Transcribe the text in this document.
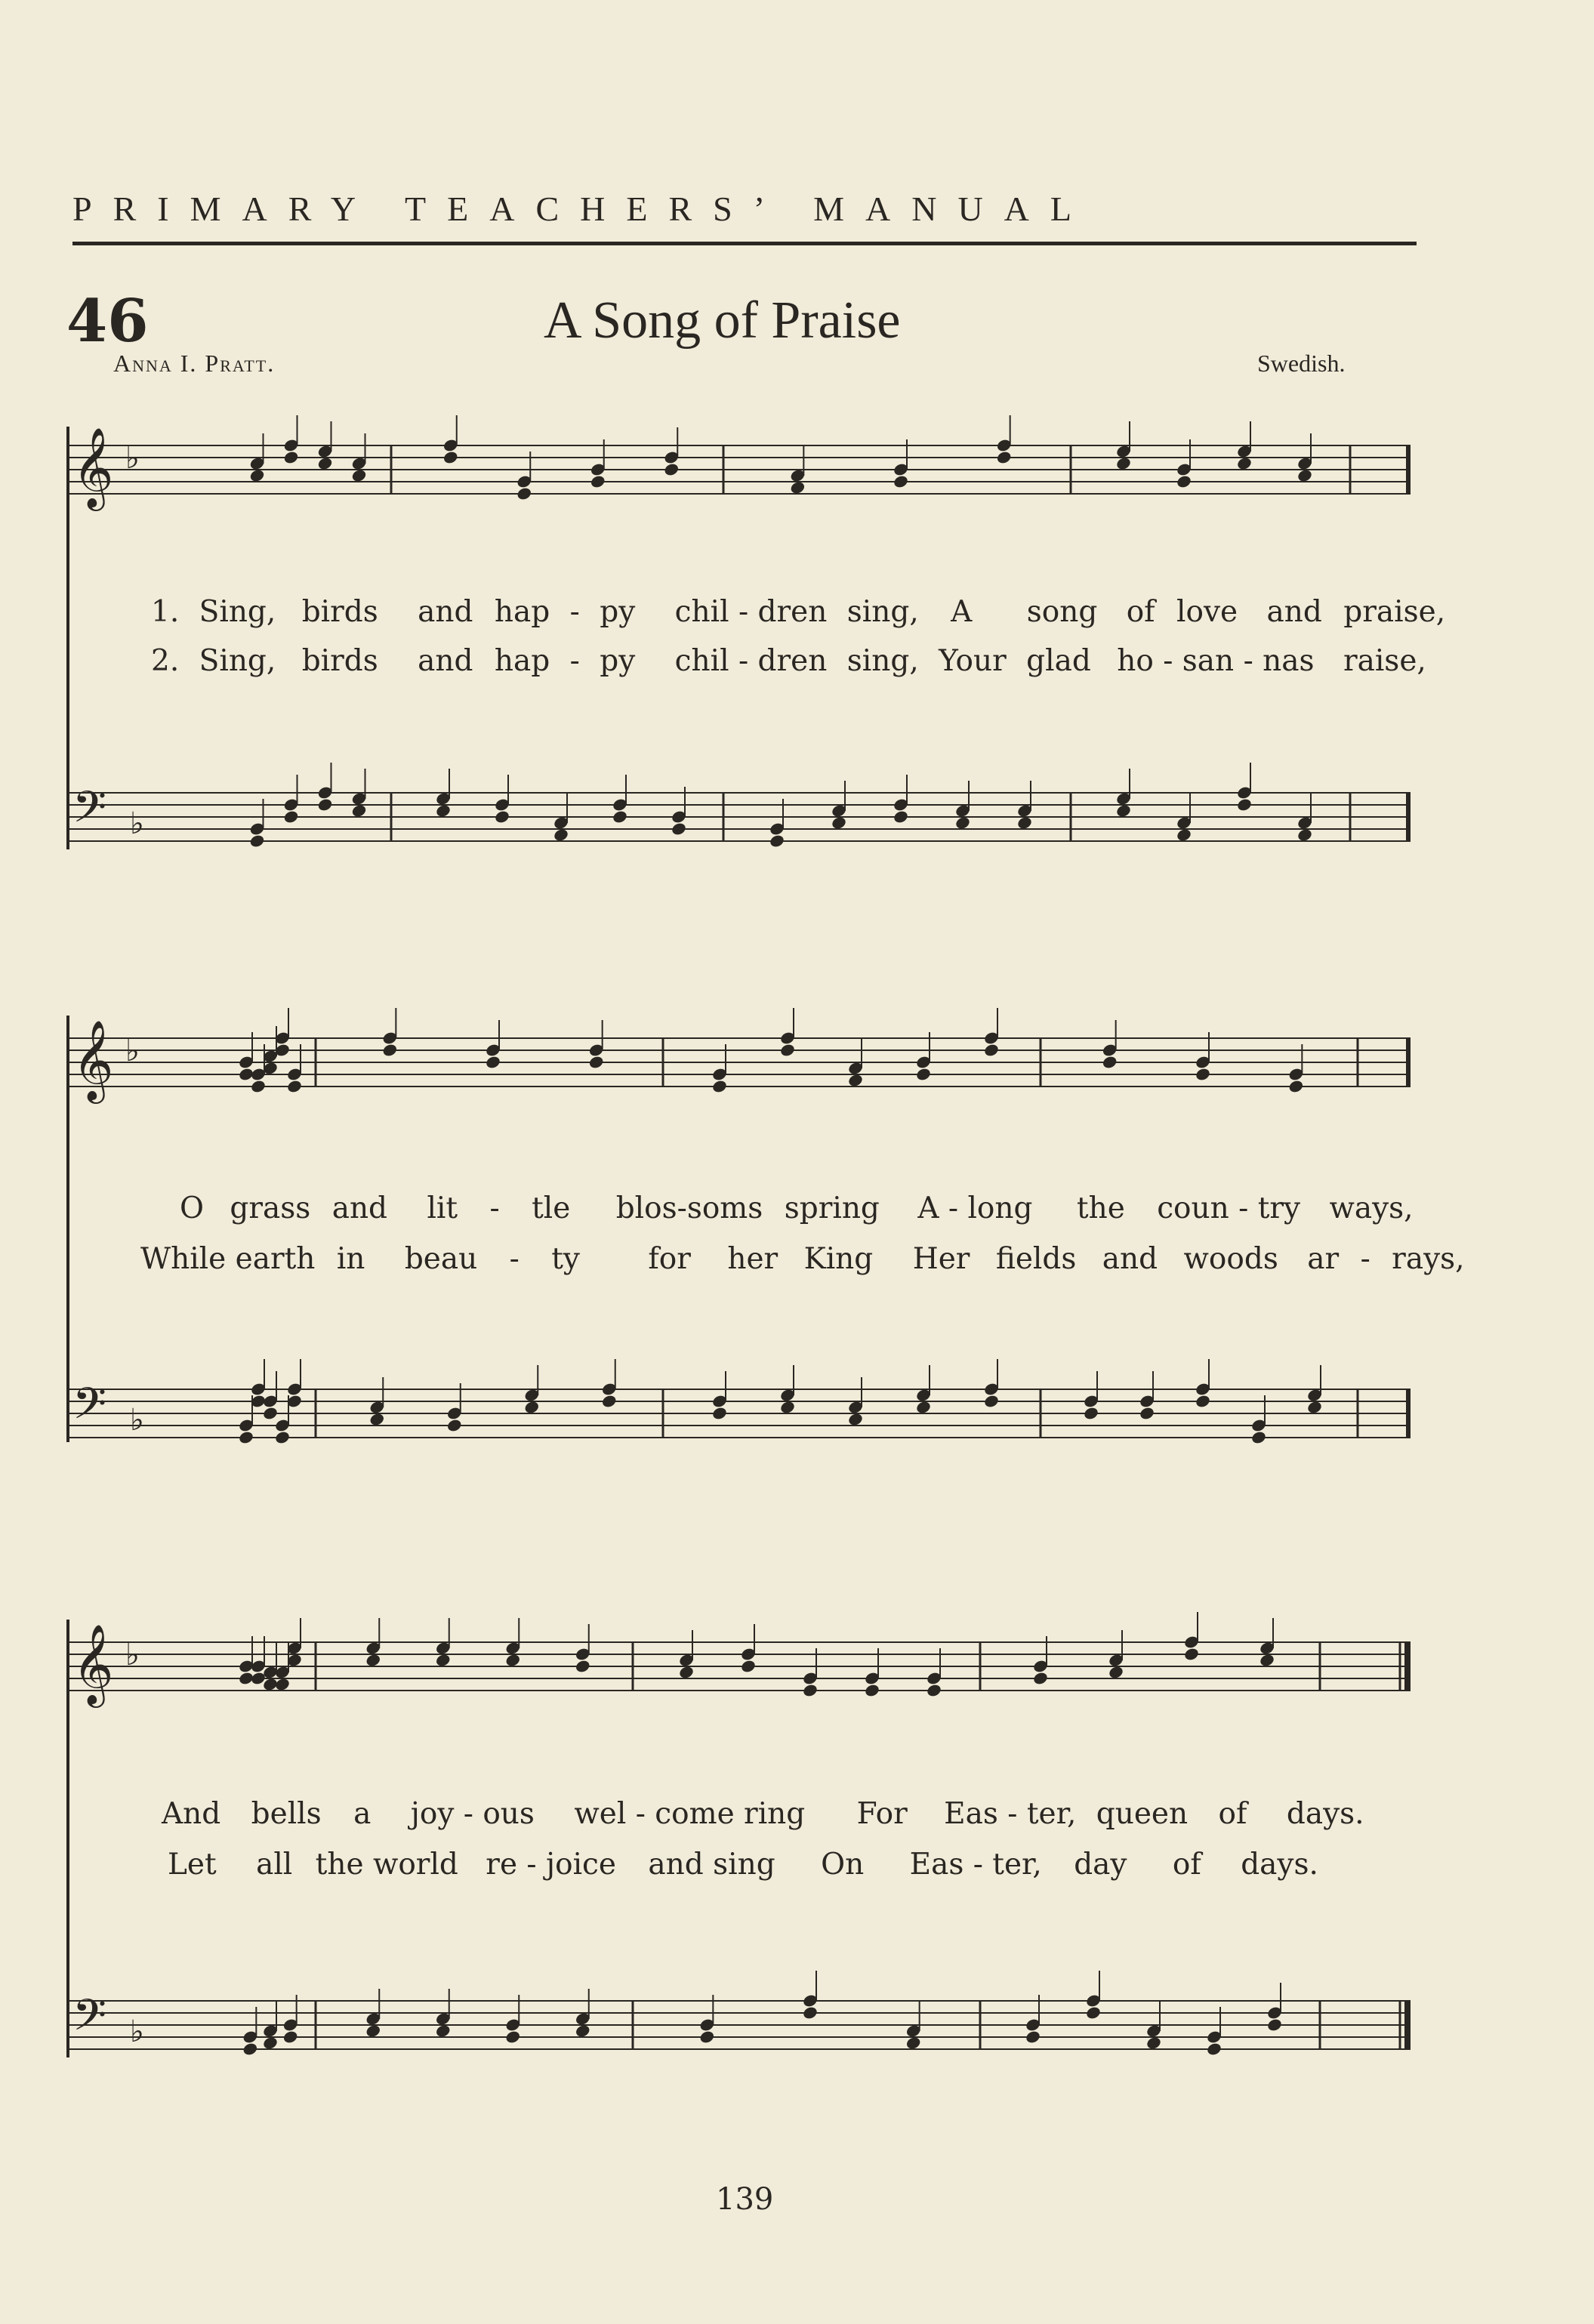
PRIMARY TEACHERS’ MANUAL
46	A Song of Praise
Anna I. Pratt.	Swedish.
𝄞 ♭
𝄢 ♭
1. Sing, birds and hap - py chil - dren sing, A song of love and praise,
2. Sing, birds and hap - py chil - dren sing, Your glad ho - san - nas raise,
𝄞 ♭
𝄢 ♭
O grass and lit - tle blos-soms spring A - long the coun - try ways,
While earth in beau - ty for her King Her fields and woods ar - rays,
𝄞 ♭
𝄢 ♭
And bells a joy - ous wel - come ring For Eas - ter, queen of days.
Let all the world re - joice and sing On Eas - ter, day of days.
139
